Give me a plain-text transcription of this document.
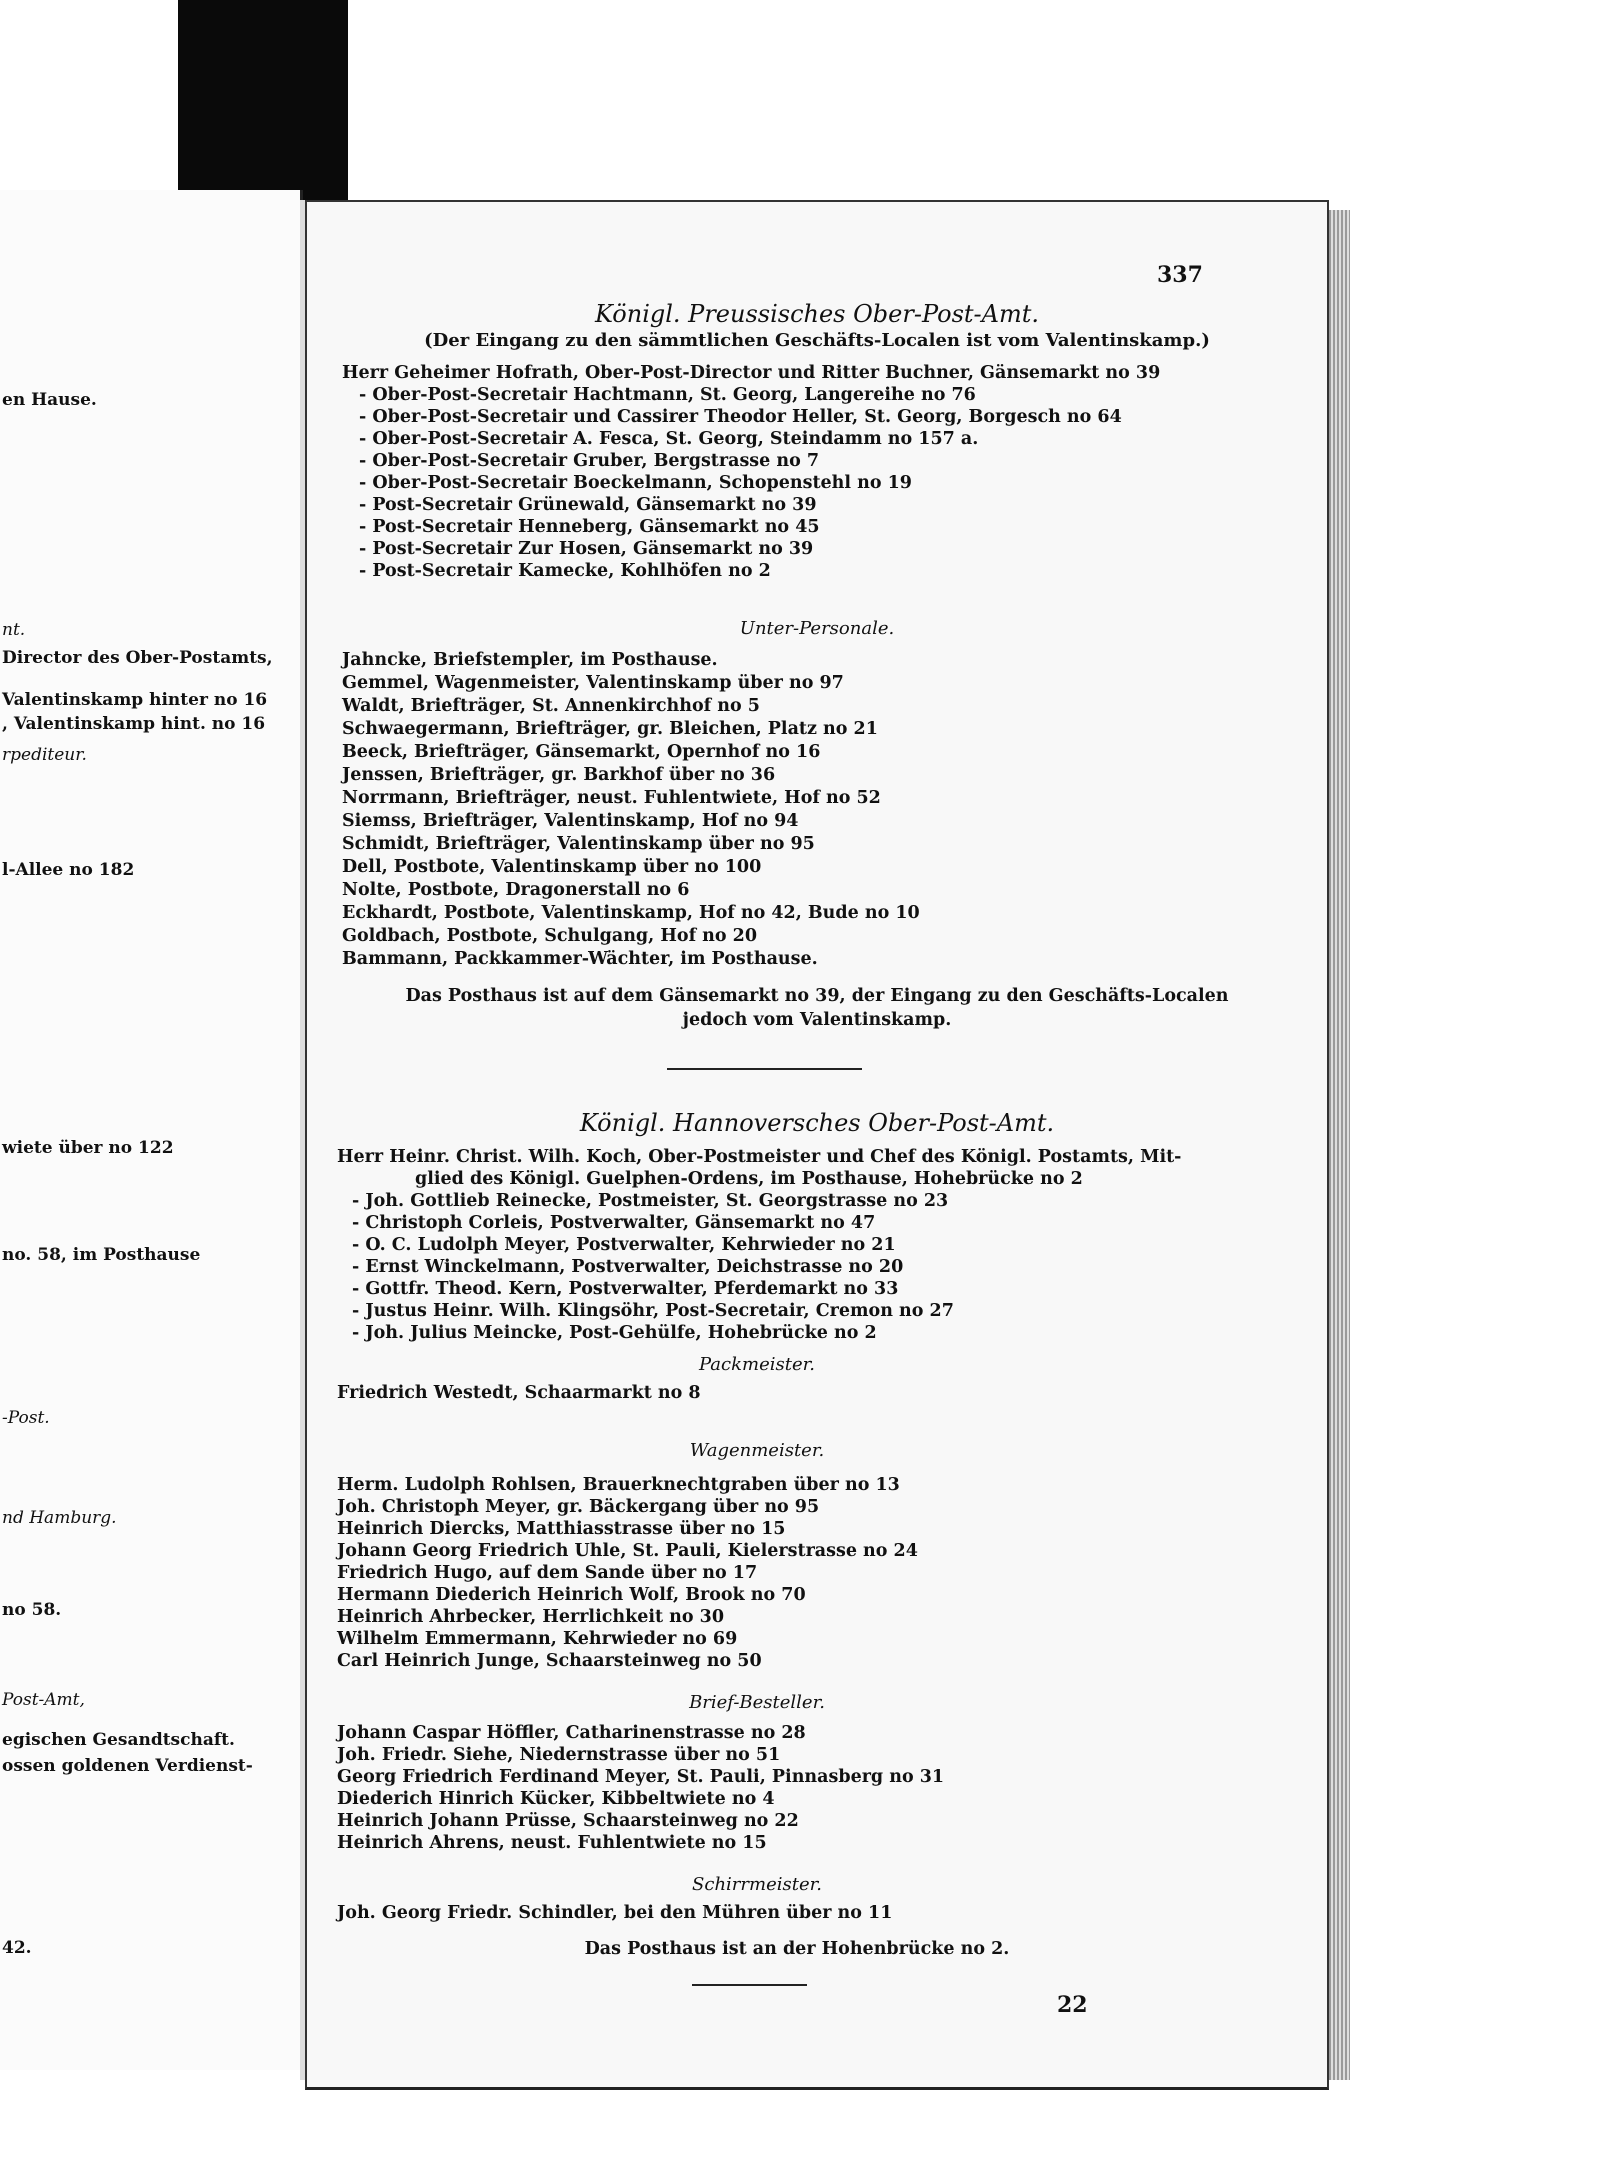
en Hause.
nt.
Director des Ober-Postamts,
Valentinskamp hinter no 16
, Valentinskamp hint. no 16
rpediteur.
l-Allee no 182
wiete über no 122
no. 58, im Posthause
-Post.
nd Hamburg.
no 58.
Post-Amt,
egischen Gesandtschaft.
ossen goldenen Verdienst-
42.
337
Königl. Preussisches Ober-Post-Amt.
(Der Eingang zu den sämmtlichen Geschäfts-Localen ist vom Valentinskamp.)
Herr Geheimer Hofrath, Ober-Post-Director und Ritter Buchner, Gänsemarkt no 39
- Ober-Post-Secretair Hachtmann, St. Georg, Langereihe no 76
- Ober-Post-Secretair und Cassirer Theodor Heller, St. Georg, Borgesch no 64
- Ober-Post-Secretair A. Fesca, St. Georg, Steindamm no 157 a.
- Ober-Post-Secretair Gruber, Bergstrasse no 7
- Ober-Post-Secretair Boeckelmann, Schopenstehl no 19
- Post-Secretair Grünewald, Gänsemarkt no 39
- Post-Secretair Henneberg, Gänsemarkt no 45
- Post-Secretair Zur Hosen, Gänsemarkt no 39
- Post-Secretair Kamecke, Kohlhöfen no 2
Unter-Personale.
Jahncke, Briefstempler, im Posthause.
Gemmel, Wagenmeister, Valentinskamp über no 97
Waldt, Briefträger, St. Annenkirchhof no 5
Schwaegermann, Briefträger, gr. Bleichen, Platz no 21
Beeck, Briefträger, Gänsemarkt, Opernhof no 16
Jenssen, Briefträger, gr. Barkhof über no 36
Norrmann, Briefträger, neust. Fuhlentwiete, Hof no 52
Siemss, Briefträger, Valentinskamp, Hof no 94
Schmidt, Briefträger, Valentinskamp über no 95
Dell, Postbote, Valentinskamp über no 100
Nolte, Postbote, Dragonerstall no 6
Eckhardt, Postbote, Valentinskamp, Hof no 42, Bude no 10
Goldbach, Postbote, Schulgang, Hof no 20
Bammann, Packkammer-Wächter, im Posthause.
Das Posthaus ist auf dem Gänsemarkt no 39, der Eingang zu den Geschäfts-Localen
jedoch vom Valentinskamp.
Königl. Hannoversches Ober-Post-Amt.
Herr Heinr. Christ. Wilh. Koch, Ober-Postmeister und Chef des Königl. Postamts, Mit-
glied des Königl. Guelphen-Ordens, im Posthause, Hohebrücke no 2
- Joh. Gottlieb Reinecke, Postmeister, St. Georgstrasse no 23
- Christoph Corleis, Postverwalter, Gänsemarkt no 47
- O. C. Ludolph Meyer, Postverwalter, Kehrwieder no 21
- Ernst Winckelmann, Postverwalter, Deichstrasse no 20
- Gottfr. Theod. Kern, Postverwalter, Pferdemarkt no 33
- Justus Heinr. Wilh. Klingsöhr, Post-Secretair, Cremon no 27
- Joh. Julius Meincke, Post-Gehülfe, Hohebrücke no 2
Packmeister.
Friedrich Westedt, Schaarmarkt no 8
Wagenmeister.
Herm. Ludolph Rohlsen, Brauerknechtgraben über no 13
Joh. Christoph Meyer, gr. Bäckergang über no 95
Heinrich Diercks, Matthiasstrasse über no 15
Johann Georg Friedrich Uhle, St. Pauli, Kielerstrasse no 24
Friedrich Hugo, auf dem Sande über no 17
Hermann Diederich Heinrich Wolf, Brook no 70
Heinrich Ahrbecker, Herrlichkeit no 30
Wilhelm Emmermann, Kehrwieder no 69
Carl Heinrich Junge, Schaarsteinweg no 50
Brief-Besteller.
Johann Caspar Höffler, Catharinenstrasse no 28
Joh. Friedr. Siehe, Niedernstrasse über no 51
Georg Friedrich Ferdinand Meyer, St. Pauli, Pinnasberg no 31
Diederich Hinrich Kücker, Kibbeltwiete no 4
Heinrich Johann Prüsse, Schaarsteinweg no 22
Heinrich Ahrens, neust. Fuhlentwiete no 15
Schirrmeister.
Joh. Georg Friedr. Schindler, bei den Mühren über no 11
Das Posthaus ist an der Hohenbrücke no 2.
22
